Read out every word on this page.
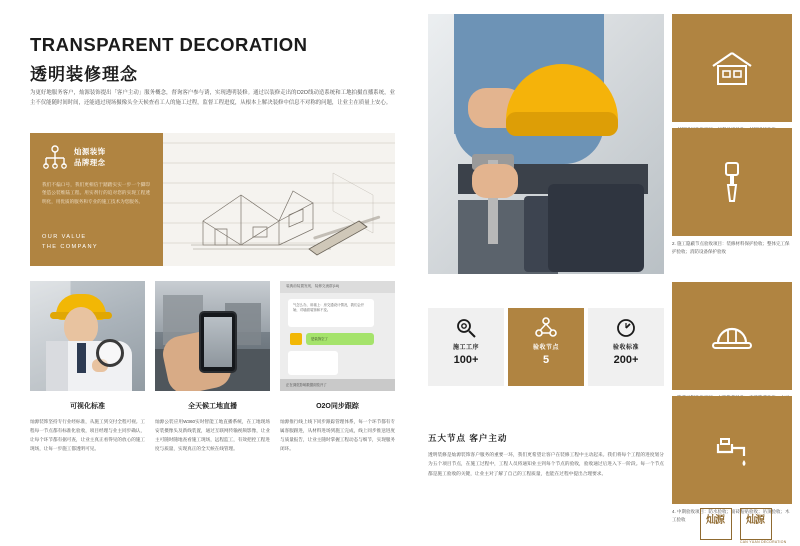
TRANSPARENT DECORATION
透明装修理念
为更好地服务客户，灿源装饰提出「客户主动」服务概念，督询客户参与诱，实现透明装修。通过以装修走出的O2O线动造系统和工地拍摄直播系统，业主不仅能随时间时间，还能通过现场摄像头全天候查看工人的施工过程，监督工程进度，从根本上解决装修中信息不对称的问题，让业主在质量上安心。
灿源装饰
品牌理念
我们不偏口号，我们更相信于踏踏实实一步一个脚印堡造公装维陆工程。用实剂行的追对您的实现工程透明化，用优质的服务和专业的施工技术为您服务。
OUR VALUE
THE COMPANY
可视化标准
灿源装饰坚持专行业经标准，从施工到交付全程可视。工程每一节点都有标准化验收，项目经理与业主同步确认，让每个环节都有据可查，让业主真正看得见的放心的施工现场，让每一步施工都透明可见。
全天候工地直播
灿源公装应用W360实时智能工地直播系统，在工地现场安装摄像头及新线装置，通过互联网传输视频影像，让业主可随时随地查看施工现场，远程监工，有效把控工程进度与质量，实现真正的全天候在线管理。
装典前装置发现，装修交流群(18)
气怎么办，用墙上：房交通设计情况，我们会开始，对墙面装饰和不变。
是装饰空了
正在浏览影响数据浏览开了
O2O同步跟踪
灿源推行线上线下同步跟踪管理体系，每一个环节都有专属客服跟进，从材料进场到施工完成，线上同步推送进度与质量报告，让业主随时掌握工程动态与细节，实现服务闭环。
2. 施工隐蔽节点验收项目：装修材料保护验收；整体完工保护验收；消防设备保护验收
4. 中期验收项目：防水验收；面砖粘贴验收；吊顶验收；木工验收
施工工序
100+
验收节点
5
验收标准
200+
五大节点 客户主动
透明装修是灿源装饰客户服务的重要一环，我们更希望让客户在装修工程中主动起来。我们将每个工程的进度划分为五个项目节点，在施工过程中，工程人员将通知业主到每个节点的验收，验收通过后进入下一阶段。每一个节点都是施工验收的关键，让业主对了解了自己的工程质量，也能在过程中提出合理要求。
灿源	灿源
CAN YUAN DECORATION
